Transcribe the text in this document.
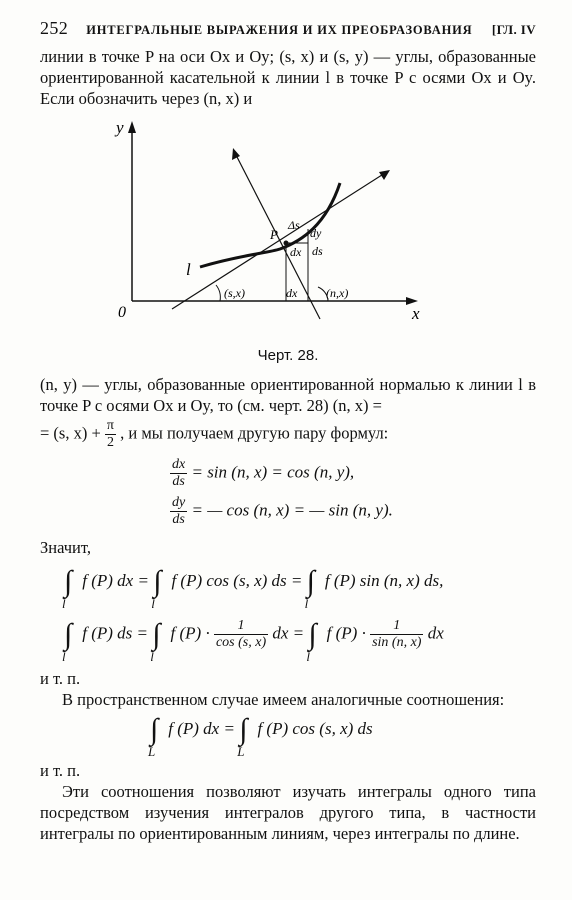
252 ИНТЕГРАЛЬНЫЕ ВЫРАЖЕНИЯ И ИХ ПРЕОБРАЗОВАНИЯ	[ГЛ. IV

линии в точке P на оси Ox и Oy; (s, x) и (s, y) — углы, образованные ориентированной касательной к линии l в точке P с осями Ox и Oy. Если обозначить через (n, x) и

y
x
0
l
P
Δs
dy
ds
dx
dx
(s,x)	(n,x)
Черт. 28.

(n, y) — углы, образованные ориентированной нормалью к линии l в точке P с осями Ox и Oy, то (см. черт. 28) (n, x) =

= (s, $x) + \frac{\pi}{2}$ , и мы получаем другую пару формул:

$\frac{dx}{ds} = \sin (n$, x) = cos (n, y),
$\frac{dy}{ds}$ = — cos (n, x) = — sin (n, y).

Значит,

∫
l
f (P) dx = ∫
l
f (P) cos (s, x) ds = ∫
l
f (P) sin (n, x) ds,
∫
l
f (P) ds = ∫
l
f $(P) \cdot \frac{1}{\cos (s, x)}$ dx = ∫
l
f $(P) \cdot \frac{1}{\sin (n, x)}$ dx

и т. п.

В пространственном случае имеем аналогичные соотношения:

∫
L
f (P) dx = ∫
L
f (P) cos (s, x) ds

и т. п.

Эти соотношения позволяют изучать интегралы одного типа посредством изучения интегралов другого типа, в частности интегралы по ориентированным линиям, через интегралы по длине.
